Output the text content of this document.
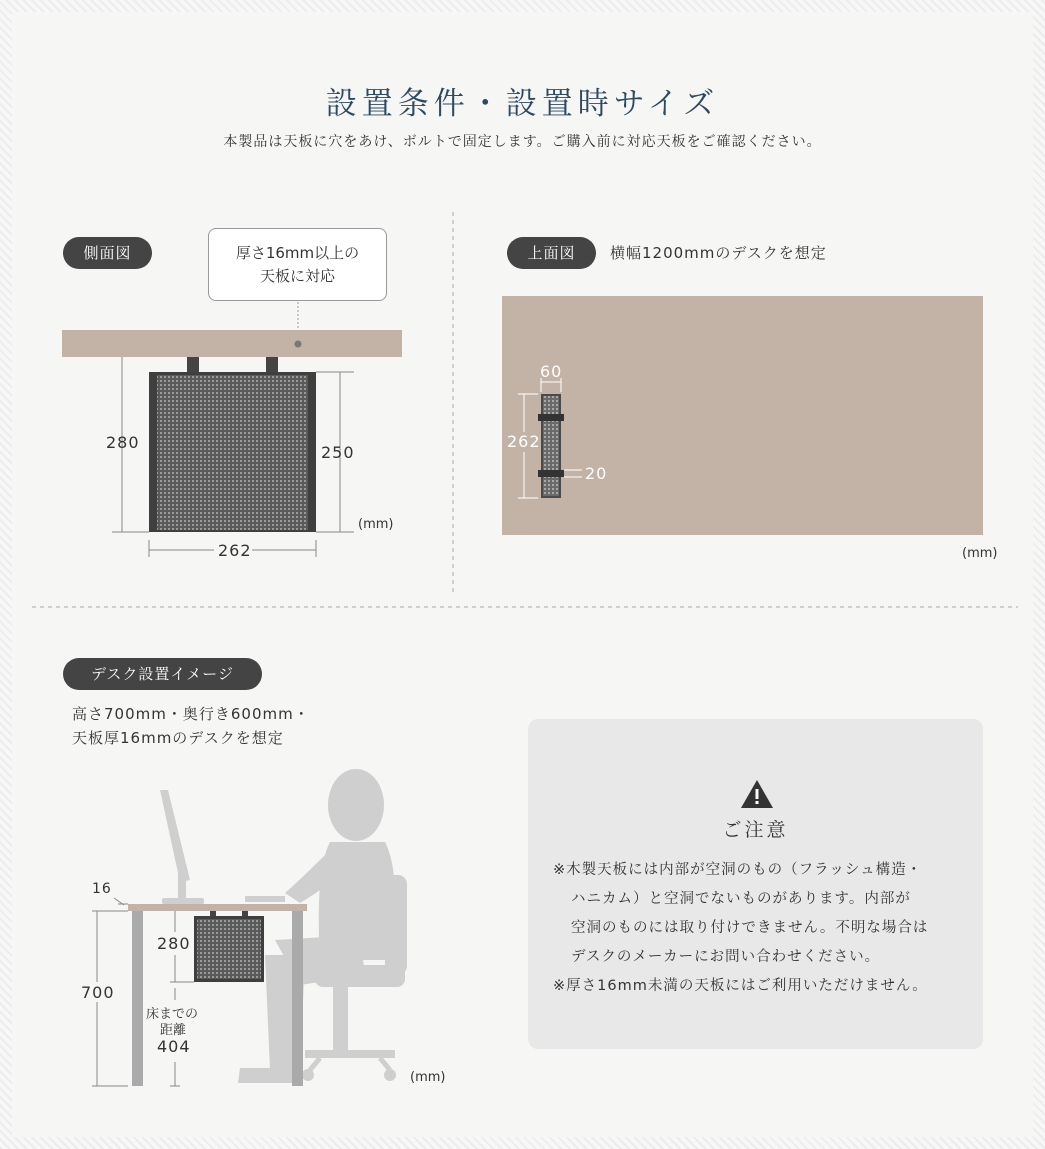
設置条件・設置時サイズ
本製品は天板に穴をあけ、ボルトで固定します。ご購入前に対応天板をご確認ください。
側面図	厚さ16mm以上の
天板に対応
280
250
262
(mm)
上面図	横幅1200mmのデスクを想定
60
262
20
(mm)
デスク設置イメージ
高さ700mm・奥行き600mm・
天板厚16mmのデスクを想定
16
700
280
床までの
距離
404
(mm)
ご注意
※木製天板には内部が空洞のもの（フラッシュ構造・
ハニカム）と空洞でないものがあります。内部が
空洞のものには取り付けできません。不明な場合は
デスクのメーカーにお問い合わせください。
※厚さ16mm未満の天板にはご利用いただけません。
